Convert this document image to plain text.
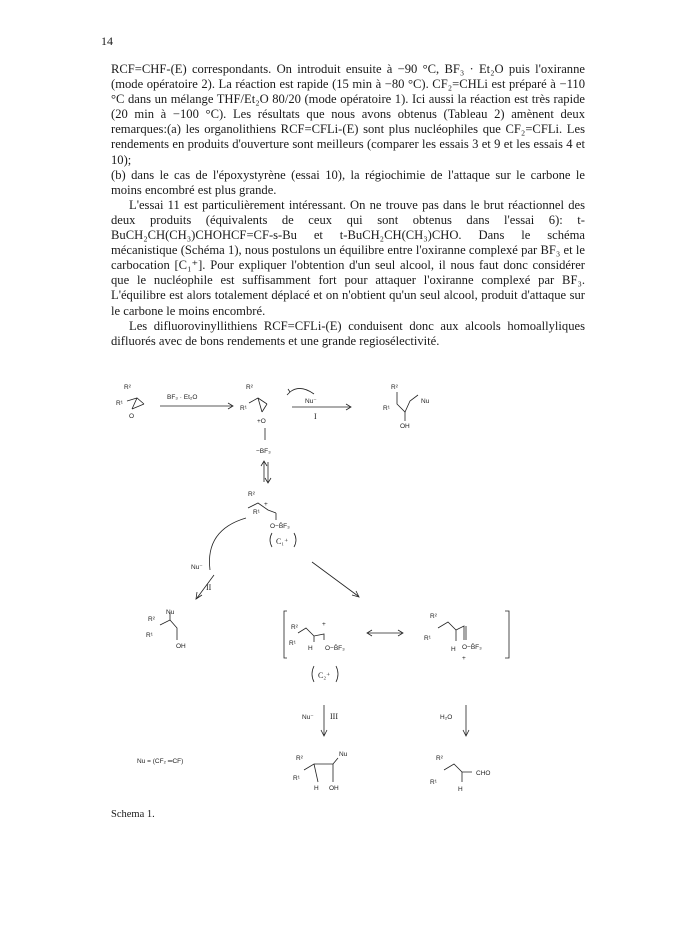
14

RCF=CHF-(E) correspondants. On introduit ensuite à −90 °C, BF₃ · Et₂O puis l'oxiranne (mode opératoire 2). La réaction est rapide (15 min à −80 °C). CF₂=CHLi est préparé à −110 °C dans un mélange THF/Et₂O 80/20 (mode opératoire 1). Ici aussi la réaction est très rapide (20 min à −100 °C). Les résultats que nous avons obtenus (Tableau 2) amènent deux remarques:(a) les organolithiens RCF=CFLi-(E) sont plus nucléophiles que CF₂=CFLi. Les rendements en produits d'ouverture sont meilleurs (comparer les essais 3 et 9 et les essais 4 et 10);

(b) dans le cas de l'époxystyrène (essai 10), la régiochimie de l'attaque sur le carbone le moins encombré est plus grande.

L'essai 11 est particulièrement intéressant. On ne trouve pas dans le brut réactionnel des deux produits (équivalents de ceux qui sont obtenus dans l'essai 6): t-BuCH₂CH(CH₃)CHOHCF=CF-s-Bu et t-BuCH₂CH(CH₃)CHO. Dans le schéma mécanistique (Schéma 1), nous postulons un équilibre entre l'oxiranne complexé par BF₃ et le carbocation [C₁⁺]. Pour expliquer l'obtention d'un seul alcool, il nous faut donc considérer que le nucléophile est suffisamment fort pour attaquer l'oxiranne complexé par BF₃. L'équilibre est alors totalement déplacé et on n'obtient qu'un seul alcool, produit d'attaque sur le carbone le moins encombré.

Les difluorovinyllithiens RCF=CFLi-(E) conduisent donc aux alcools homoallyliques difluorés avec de bons rendements et une grande regiosélectivité.

R²
R¹
O
BF₃ · Et₂O
R²
R¹
+O
−BF₃
Nu⁻
I
R²
R¹
Nu
OH
R²
+
R¹
O−B̄F₃
C₁⁺
Nu⁻
II
Nu
R²
R¹
OH
R²
R¹
+
H O−B̄F₃
R²
R¹
H O−B̄F₃
+
C₂⁺
Nu⁻ III	H₂O
Nu = (CF₂ ═CF)	R²
Nu
R¹
H OH
R²
R¹
CHO
H
Schema 1.
